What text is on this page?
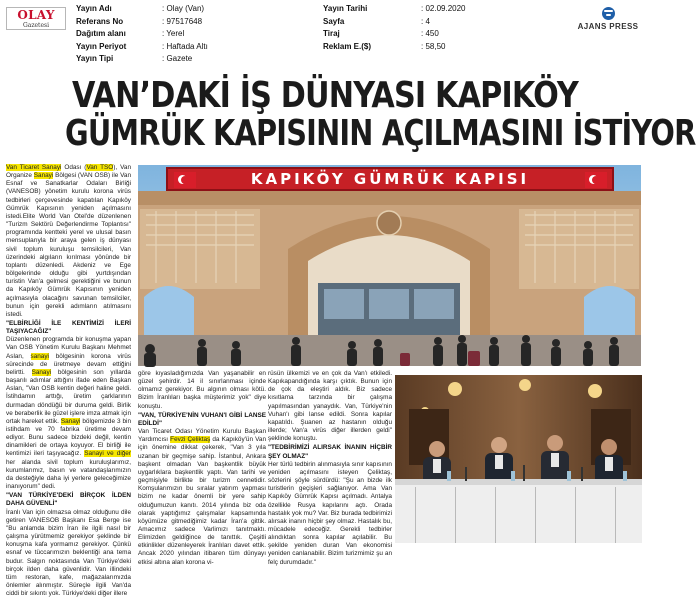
OLAY
Gazetesi
Yayın Adı	: Olay (Van)
Referans No	: 97517648
Dağıtım alanı	: Yerel
Yayın Periyot	: Haftada Altı
Yayın Tipi	: Gazete
Yayın Tarihi	: 02.09.2020
Sayfa	: 4
Tiraj	: 450
Reklam E.($)	: 58,50
AJANS PRESS
VAN’DAKİ İŞ DÜNYASI KAPIKÖY
GÜMRÜK KAPISININ AÇILMASINI İSTİYOR

Van Ticaret Sanayi Odası (Van TSO), Van Organize Sanayi Bölgesi (VAN OSB) ile Van Esnaf ve Sanatkarlar Odaları Birliği (VANESOB) yönetim kurulu korona virüs tedbirleri çerçevesinde kapatılan Kapıköy Gümrük Kapısının yeniden açılmasını istedi.Elite World Van Otel'de düzenlenen "Turizm Sektörü Değerlendirme Toplantısı" programında kentteki yerel ve ulusal basın mensuplarıyla bir araya gelen iş dünyası sivil toplum kuruluşu temsilcileri, Van üzerindeki algıların kırılması yönünde bir toplantı düzenledi. Akdeniz ve Ege bölgelerinde olduğu gibi yurtdışından turistin Van'a gelmesi gerektiğini ve bunun da Kapıköy Gümrük Kapısının yeniden açılmasıyla olacağını savunan temsilciler, bunun için gerekli adımların atılmasını istedi.

"ELBİRLİĞİ İLE KENTİMİZİ İLERİ TAŞIYACAĞIZ"

Düzenlenen programda bir konuşma yapan Van OSB Yönetim Kurulu Başkanı Mehmet Aslan, sanayi bölgesinin korona virüs sürecinde de üretmeye devam ettiğini belirtti. Sanayi bölgesinin son yıllarda başarılı adımlar attığını ifade eden Başkan Aslan, "Van OSB kentin değeri haline geldi. İstihdamın arttığı, üretim çarklarının durmadan döndüğü bir duruma geldi. Birlik ve beraberlik ile güzel işlere imza atmak için ortak hareket ettik. Sanayi bölgemizde 3 bin istihdam ve 70 fabrika üretime devam ediyor. Bunu sadece bizdeki değil, kentin dinamikleri de ortaya koyuyor. El birliği ile kentimizi ileri taşıyacağız. Sanayi ve diğer her alanda sivil toplum kuruluşlarımız, kurumlarımız, basın ve vatandaşlarımızın da desteğiyle daha iyi yerlere geleceğimize inanıyorum" dedi.

"VAN TÜRKİYE'DEKİ BİRÇOK İLDEN DAHA GÜVENLİ"

İranlı Van için olmazsa olmaz olduğunu dile getiren VANESOB Başkanı Esa Berge ise "Bu anlamda bizim İran ile ilgili nasıl bir çalışma yürütmemiz gerekiyor şeklinde bir konuşma kafa yormamız gerekiyor. Çünkü esnaf ve tüccarımızın beklentiği ana tema budur. Salgın noktasında Van Türkiye'deki birçok ilden daha güvenlidir. Van illindeki tüm restoran, kafe, mağazalarımızda önlemler alınmıştır. Süreçle ilgili Van'da ciddi bir sıkıntı yok. Türkiye'deki diğer illere

göre kıyasladığımızda Van yaşanabilir en güzel şehirdir. 14 il sınırlanması içinde olmamız gerekiyor. Bu algının olması kötü. Bizim İranlıları başka müşterimiz yok" diye konuştu.

"VAN, TÜRKİYE'NİN VUHAN'I GİBİ LANSE EDİLDİ"

Van Ticaret Odası Yönetim Kurulu Başkan Yardımcısı Fevzi Çeliktaş da Kapıköy'ün Van için önemine dikkat çekerek, "Van 3 yıla uzanan bir geçmişe sahip. İstanbul, Ankara başkent olmadan Van başkentlik büyük uygarlıklara başkentlik yaptı. Van tarihi ve geçmişiyle birlikte bir turizm cennetidir. Komşularımızın bu sıralar yatırım yapması bizim ne kadar önemli bir yere sahip olduğumuzun kanıtı. 2014 yılında biz oda olarak yaptığımız çalışmalar kapsamında köyümüze gitmediğimiz kadar İran'a gittik. Amacımız sadece Varlimızı tanıtmaktı. Elimizden geldiğince de tanıttık. Çeşitli etkinlikler düzenleyerek İranlıları davet ettik. Ancak 2020 yılından itibaren tüm dünyayı etkisi altına alan korona vi-

rüsün ülkemizi ve en çok da Van'ı etkiledi. Kapıkapandığında karşı çıktık. Bunun için de çok da eleştiri aldık. Biz sadece kısıtlama tarzında bir çalışma yapılmasından yanaydık. Van, Türkiye'nin Vuhan'ı gibi lanse edildi. Sonra kapılar kapatıldı. Şuanen az hastanın olduğu illerde; Van'a virüs diğer illerden geldi" şeklinde konuştu.

"TEDBİRİMİZİ ALIRSAK İNANIN HİÇBİR ŞEY OLMAZ"

Her türlü tedbirin alınmasıyla sınır kapısının yeniden açılmasını isteyen Çeliktaş, sözlerini şöyle sürdürdü: "Şu an bizde ilk turistlerin geçişleri sağlanıyor. Ama Van Kapıköy Gümrük Kapısı açılmadı. Antalya özellikle Rusya kapılarını açtı. Orada hastalık yok mu? Var. Biz burada tedbirimizi alırsak inanın hiçbir şey olmaz. Hastalık bu, mücadele edeceğiz. Gerekli tedbirler alındıktan sonra kapılar açılabilir. Bu şekilde yeniden duran Van ekonomisi yeniden canlanabilir. Bizim turizmimiz şu an felç durumdadır."

KAPIKÖY GÜMRÜK KAPISI
